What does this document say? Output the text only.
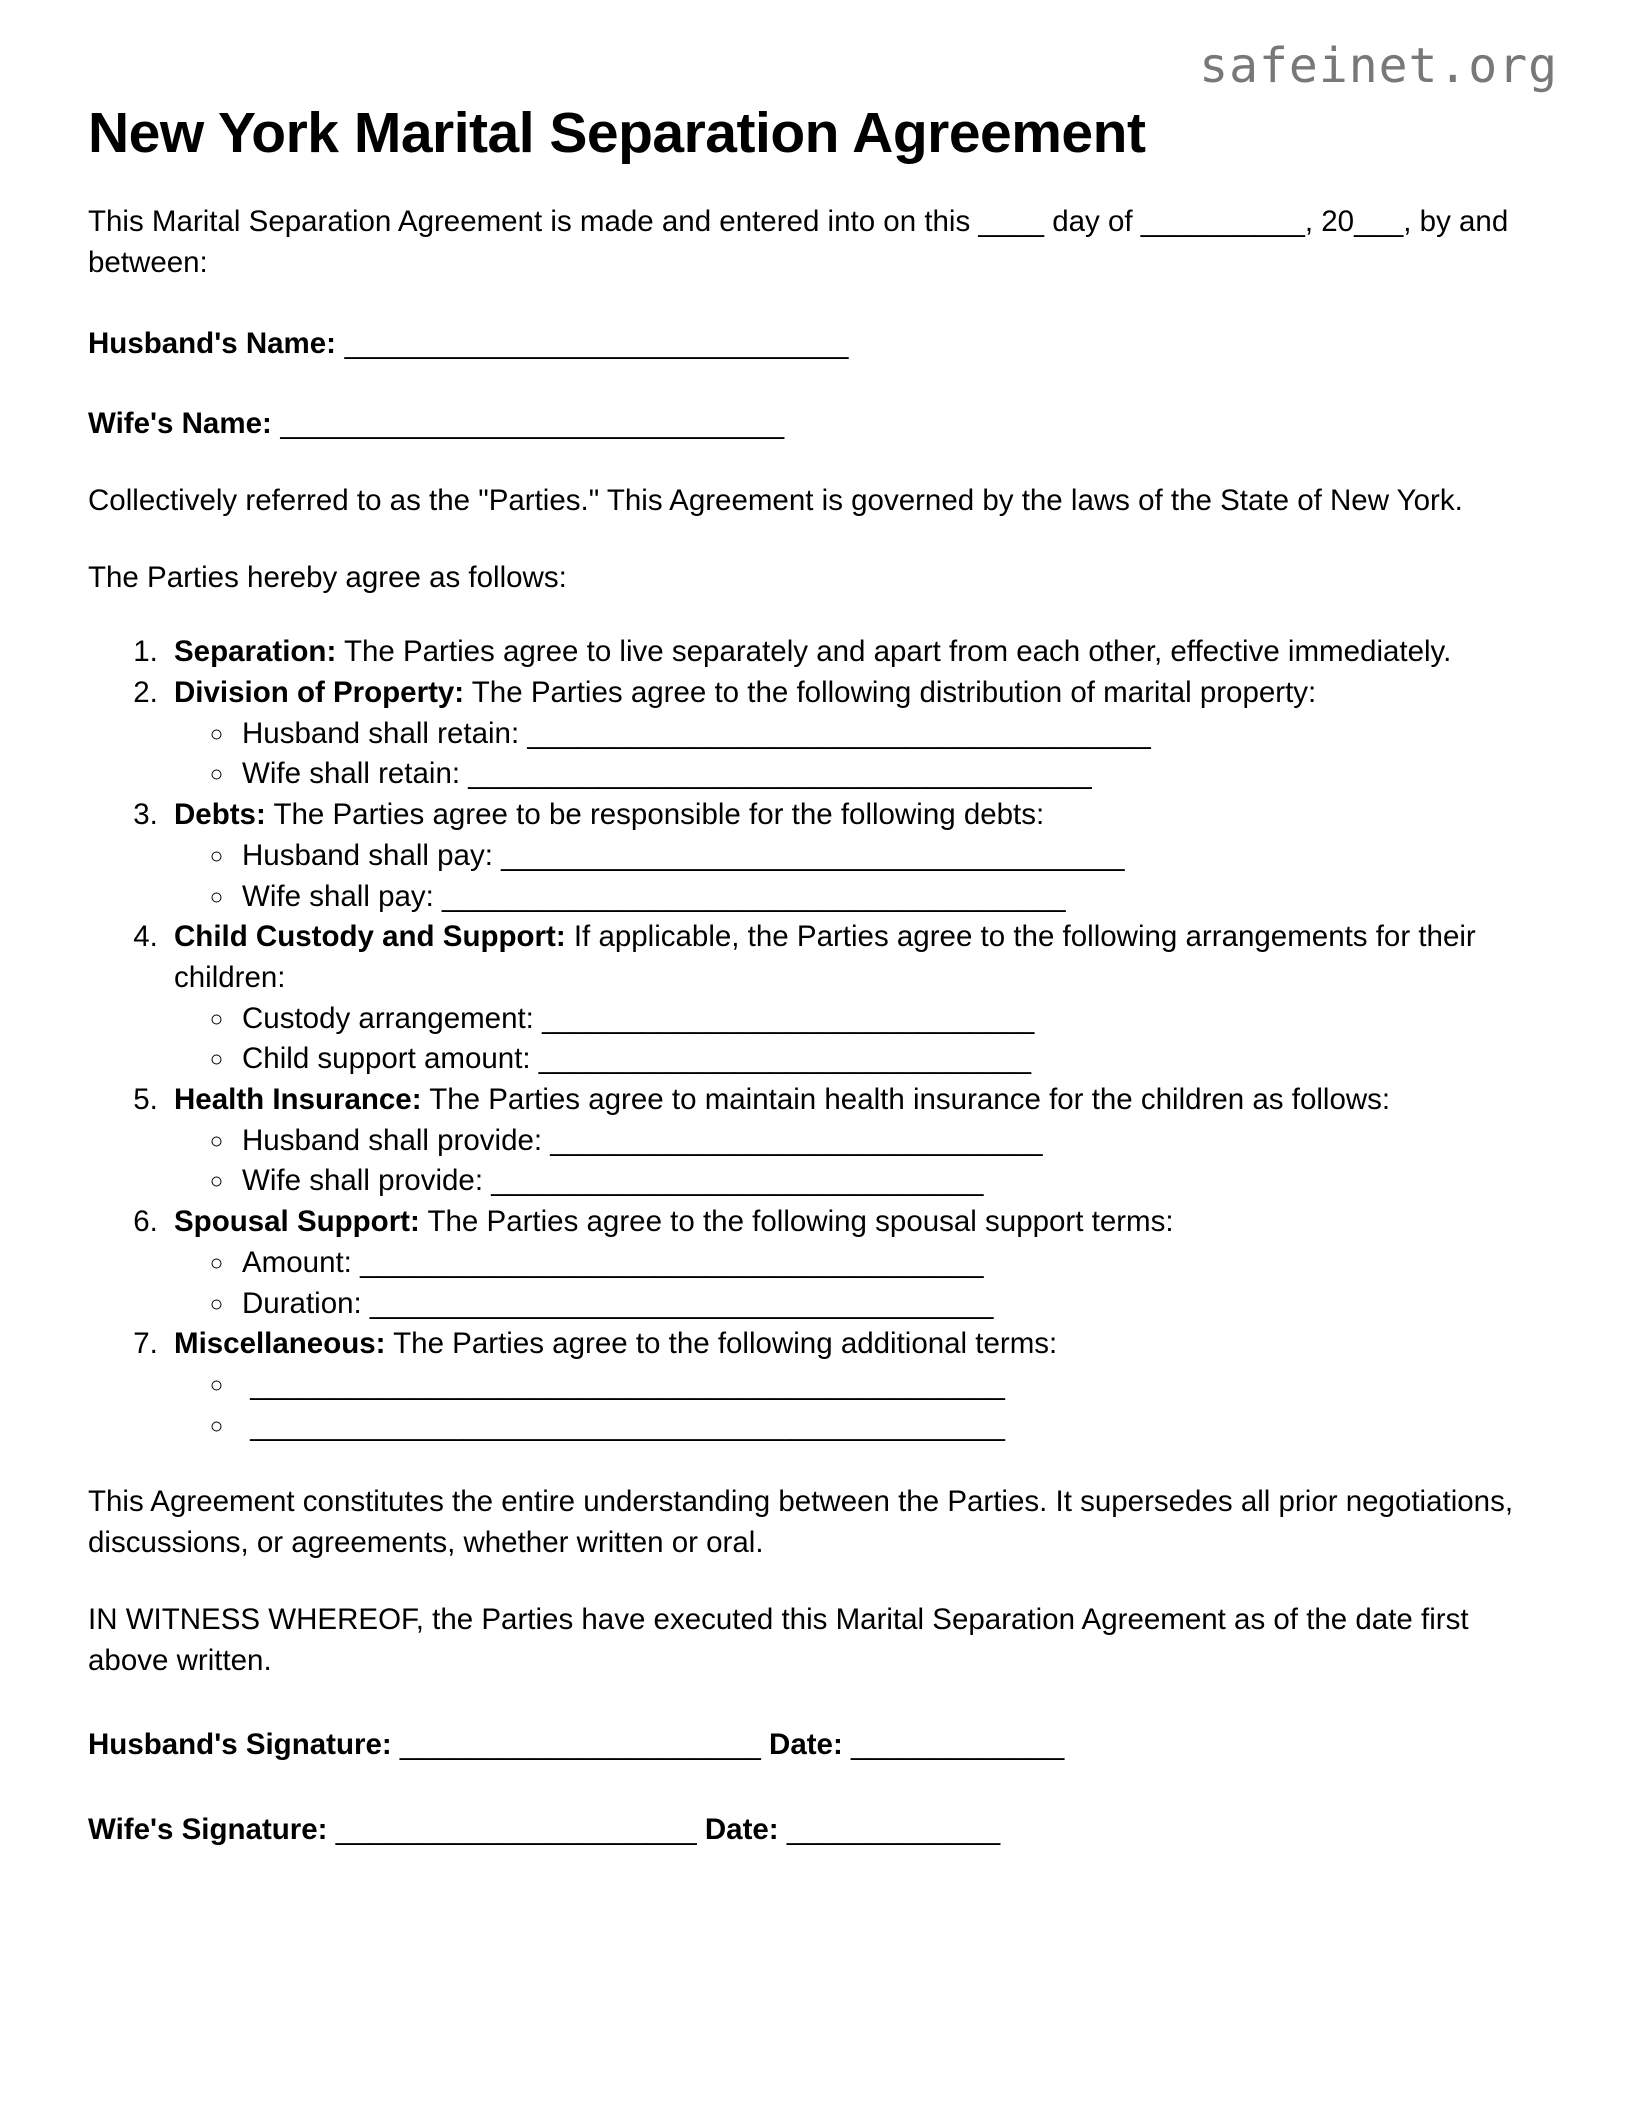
safeinet.org
New York Marital Separation Agreement

This Marital Separation Agreement is made and entered into on this ____ day of __________, 20___, by and between:

Husband's Name: ______________________________
Wife's Name: ______________________________

Collectively referred to as the "Parties." This Agreement is governed by the laws of the State of New York.

The Parties hereby agree as follows:

1. Separation: The Parties agree to live separately and apart from each other, effective immediately.
2. Division of Property: The Parties agree to the following distribution of marital property:
◦ Husband shall retain: ______________________________________
◦ Wife shall retain: ______________________________________
3. Debts: The Parties agree to be responsible for the following debts:
◦ Husband shall pay: ______________________________________
◦ Wife shall pay: ______________________________________
4. Child Custody and Support: If applicable, the Parties agree to the following arrangements for their children:
◦ Custody arrangement: ______________________________
◦ Child support amount: ______________________________
5. Health Insurance: The Parties agree to maintain health insurance for the children as follows:
◦ Husband shall provide: ______________________________
◦ Wife shall provide: ______________________________
6. Spousal Support: The Parties agree to the following spousal support terms:
◦ Amount: ______________________________________
◦ Duration: ______________________________________
7. Miscellaneous: The Parties agree to the following additional terms:
◦  ______________________________________________
◦  ______________________________________________

This Agreement constitutes the entire understanding between the Parties. It supersedes all prior negotiations, discussions, or agreements, whether written or oral.

IN WITNESS WHEREOF, the Parties have executed this Marital Separation Agreement as of the date first above written.

Husband's Signature: ______________________ Date: _____________
Wife's Signature: ______________________ Date: _____________
